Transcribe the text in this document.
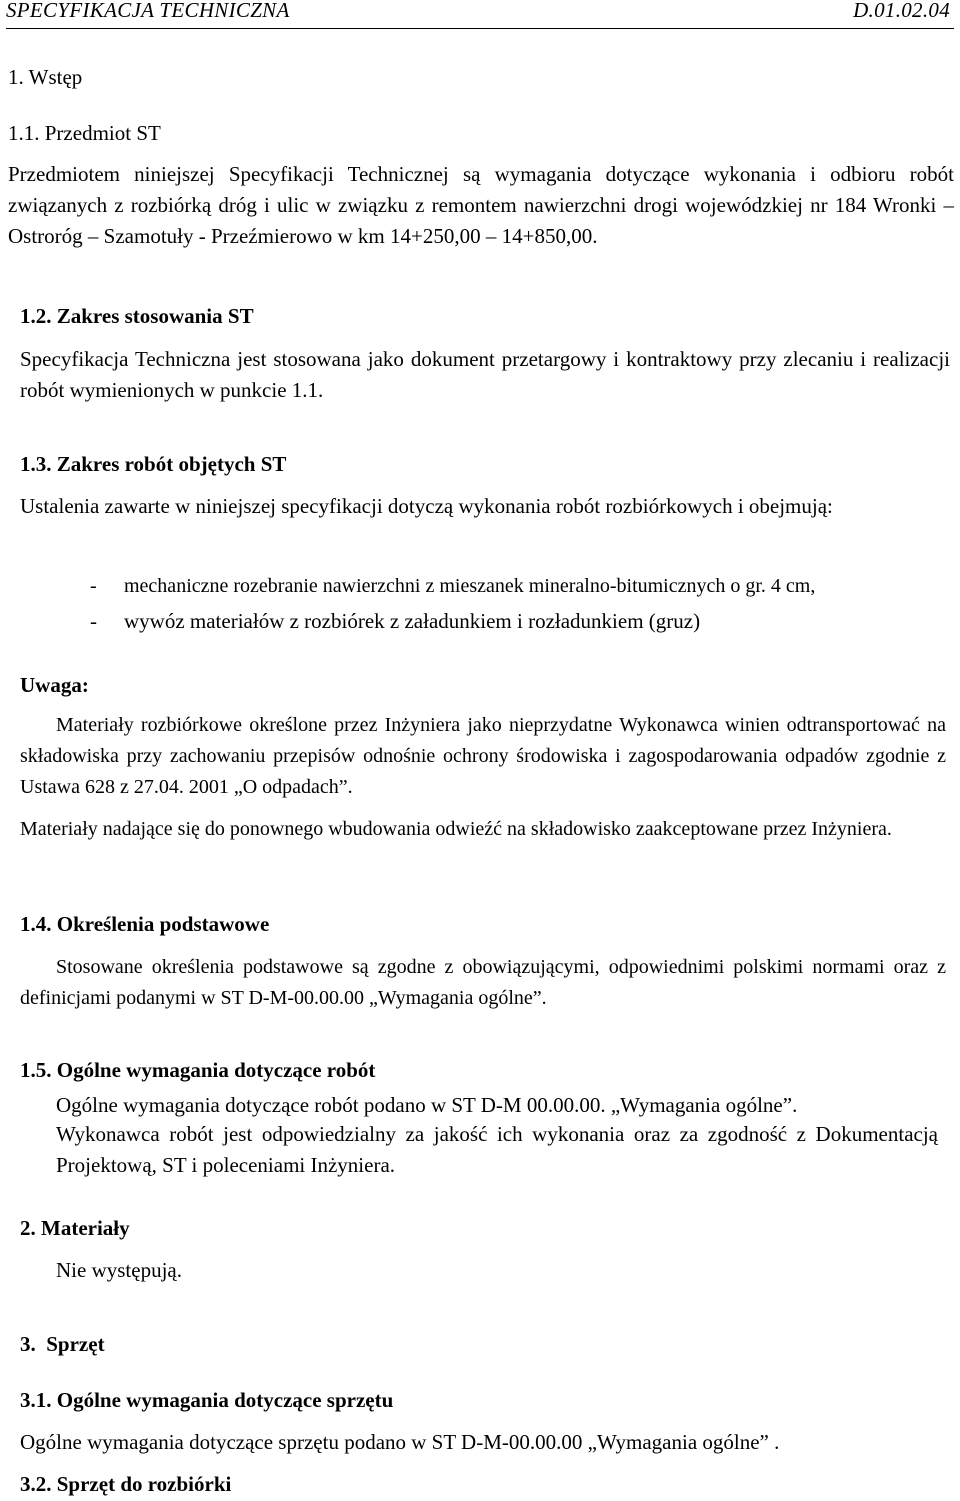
SPECYFIKACJA TECHNICZNA	D.01.02.04
1. Wstęp
1.1. Przedmiot ST
Przedmiotem niniejszej Specyfikacji Technicznej są wymagania dotyczące wykonania i odbioru robót związanych z rozbiórką dróg i ulic w związku z remontem nawierzchni drogi wojewódzkiej nr 184 Wronki – Ostroróg – Szamotuły - Przeźmierowo w km 14+250,00 – 14+850,00.
1.2. Zakres stosowania ST
Specyfikacja Techniczna jest stosowana jako dokument przetargowy i kontraktowy przy zlecaniu i realizacji robót wymienionych w punkcie 1.1.
1.3. Zakres robót objętych ST
Ustalenia zawarte w niniejszej specyfikacji dotyczą wykonania robót rozbiórkowych i obejmują:
- mechaniczne rozebranie nawierzchni z mieszanek mineralno-bitumicznych o gr. 4 cm,
- wywóz materiałów z rozbiórek z załadunkiem i rozładunkiem (gruz)
Uwaga:
Materiały rozbiórkowe określone przez Inżyniera jako nieprzydatne Wykonawca winien odtransportować na składowiska przy zachowaniu przepisów odnośnie ochrony środowiska i zagospodarowania odpadów zgodnie z Ustawa 628 z 27.04. 2001 „O odpadach”.
Materiały nadające się do ponownego wbudowania odwieźć na składowisko zaakceptowane przez Inżyniera.
1.4. Określenia podstawowe
Stosowane określenia podstawowe są zgodne z obowiązującymi, odpowiednimi polskimi normami oraz z definicjami podanymi w ST D-M-00.00.00 „Wymagania ogólne”.
1.5. Ogólne wymagania dotyczące robót
Ogólne wymagania dotyczące robót podano w ST D-M 00.00.00. „Wymagania ogólne”.
Wykonawca robót jest odpowiedzialny za jakość ich wykonania oraz za zgodność z Dokumentacją Projektową, ST i poleceniami Inżyniera.
2. Materiały
Nie występują.
3.  Sprzęt
3.1. Ogólne wymagania dotyczące sprzętu
Ogólne wymagania dotyczące sprzętu podano w ST D-M-00.00.00 „Wymagania ogólne” .
3.2. Sprzęt do rozbiórki
